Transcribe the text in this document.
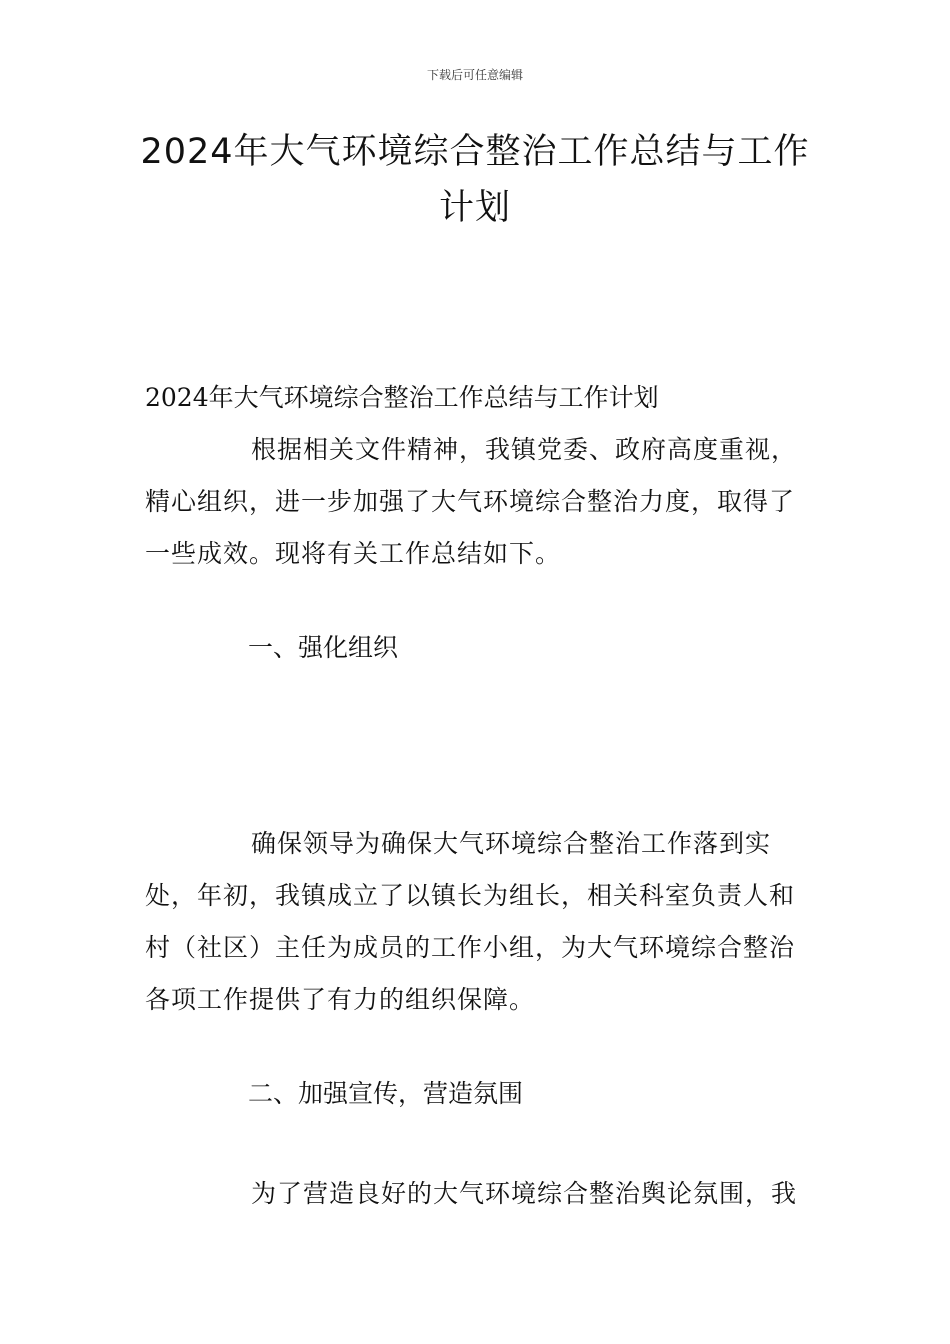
下载后可任意编辑
2024年大气环境综合整治工作总结与工作计划

2024年大气环境综合整治工作总结与工作计划

根据相关文件精神，我镇党委、政府高度重视，精心组织，进一步加强了大气环境综合整治力度，取得了一些成效。现将有关工作总结如下。

一、强化组织

确保领导为确保大气环境综合整治工作落到实处，年初，我镇成立了以镇长为组长，相关科室负责人和村（社区）主任为成员的工作小组，为大气环境综合整治各项工作提供了有力的组织保障。

二、加强宣传，营造氛围

为了营造良好的大气环境综合整治舆论氛围，我
